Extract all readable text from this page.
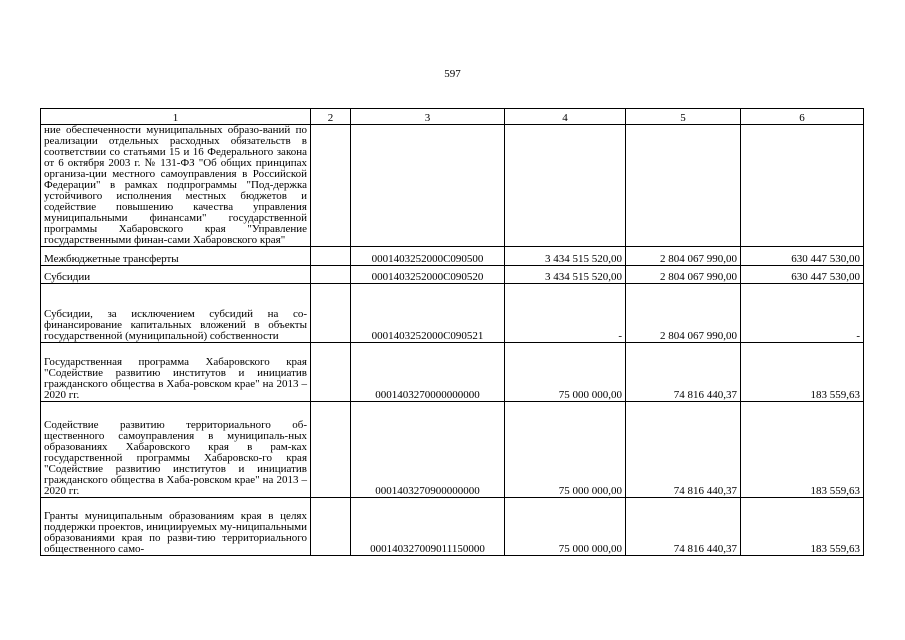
597
1	2	3	4	5	6
ние обеспеченности муниципальных образо-ваний по реализации отдельных расходных обязательств в соответствии со статьями 15 и 16 Федерального закона от 6 октября 2003 г. № 131-ФЗ "Об общих принципах организа-ции местного самоуправления в Российской Федерации" в рамках подпрограммы "Под-держка устойчивого исполнения местных бюджетов и содействие повышению качества управления муниципальными финансами" государственной программы Хабаровского края "Управление государственными финан-сами Хабаровского края"					
Межбюджетные трансферты		0001403252000С090500	3 434 515 520,00	2 804 067 990,00	630 447 530,00
Субсидии		0001403252000С090520	3 434 515 520,00	2 804 067 990,00	630 447 530,00
Субсидии, за исключением субсидий на со-финансирование капитальных вложений в объекты государственной (муниципальной) собственности		0001403252000С090521	-	2 804 067 990,00	-
Государственная программа Хабаровского края "Содействие развитию институтов и инициатив гражданского общества в Хаба-ровском крае" на 2013 – 2020 гг.		0001403270000000000	75 000 000,00	74 816 440,37	183 559,63
Содействие развитию территориального об-щественного самоуправления в муниципаль-ных образованиях Хабаровского края в рам-ках государственной программы Хабаровско-го края "Содействие развитию институтов и инициатив гражданского общества в Хаба-ровском крае" на 2013 – 2020 гг.		0001403270900000000	75 000 000,00	74 816 440,37	183 559,63
Гранты муниципальным образованиям края в целях поддержки проектов, инициируемых му-ниципальными образованиями края по разви-тию территориального общественного само-		000140327009011150000	75 000 000,00	74 816 440,37	183 559,63
